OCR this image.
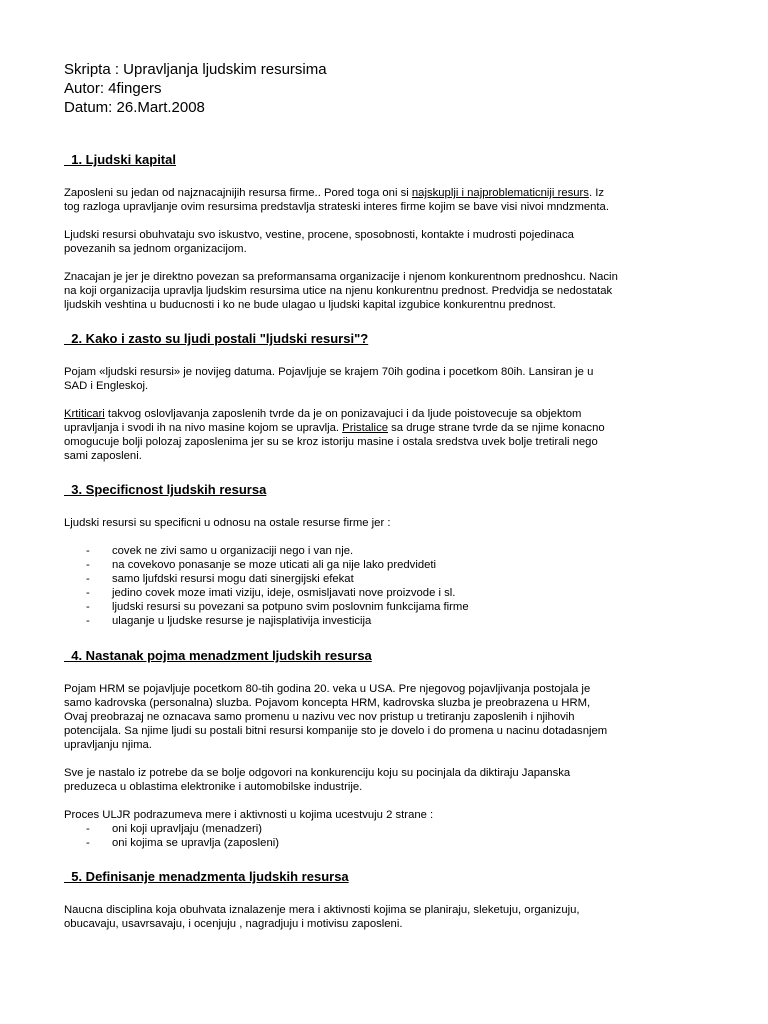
Skripta : Upravljanja ljudskim resursima
Autor: 4fingers
Datum: 26.Mart.2008
1. Ljudski kapital
Zaposleni su jedan od najznacajnijih resursa firme.. Pored toga oni si najskuplji i najproblematicniji resurs. Iz
tog razloga upravljanje ovim resursima predstavlja strateski interes firme kojim se bave visi nivoi mndzmenta.
Ljudski resursi obuhvataju svo iskustvo, vestine, procene, sposobnosti, kontakte i mudrosti pojedinaca
povezanih sa jednom organizacijom.
Znacajan je jer je direktno povezan sa preformansama organizacije i njenom konkurentnom prednoshcu. Nacin
na koji organizacija upravlja ljudskim resursima utice na njenu konkurentnu prednost. Predvidja se nedostatak
ljudskih veshtina u buducnosti i ko ne bude ulagao u ljudski kapital izgubice konkurentnu prednost.
2. Kako i zasto su ljudi postali "ljudski resursi"?
Pojam «ljudski resursi» je novijeg datuma. Pojavljuje se krajem 70ih godina i pocetkom 80ih. Lansiran je u
SAD i Engleskoj.
Krtiticari takvog oslovljavanja zaposlenih tvrde da je on ponizavajuci i da ljude poistovecuje sa objektom
upravljanja i svodi ih na nivo masine kojom se upravlja. Pristalice sa druge strane tvrde da se njime konacno
omogucuje bolji polozaj zaposlenima jer su se kroz istoriju masine i ostala sredstva uvek bolje tretirali nego
sami zaposleni.
3. Specificnost ljudskih resursa
Ljudski resursi su specificni u odnosu na ostale resurse firme jer :
-	covek ne zivi samo u organizaciji nego i van nje.
-	na covekovo ponasanje se moze uticati ali ga nije lako predvideti
-	samo ljufdski resursi mogu dati sinergijski efekat
-	jedino covek moze imati viziju, ideje, osmisljavati nove proizvode i sl.
-	ljudski resursi su povezani sa potpuno svim poslovnim funkcijama firme
-	ulaganje u ljudske resurse je najisplativija investicija
4. Nastanak pojma menadzment ljudskih resursa
Pojam HRM se pojavljuje pocetkom 80-tih godina 20. veka u USA. Pre njegovog pojavljivanja postojala je
samo kadrovska (personalna) sluzba. Pojavom koncepta HRM, kadrovska sluzba je preobrazena u HRM,
Ovaj preobrazaj ne oznacava samo promenu u nazivu vec nov pristup u tretiranju zaposlenih i njihovih
potencijala. Sa njime ljudi su postali bitni resursi kompanije sto je dovelo i do promena u nacinu dotadasnjem
upravljanju njima.
Sve je nastalo iz potrebe da se bolje odgovori na konkurenciju koju su pocinjala da diktiraju Japanska
preduzeca u oblastima elektronike i automobilske industrije.
Proces ULJR podrazumeva mere i aktivnosti u kojima ucestvuju 2 strane :
-	oni koji upravljaju (menadzeri)
-	oni kojima se upravlja (zaposleni)
5. Definisanje menadzmenta ljudskih resursa
Naucna disciplina koja obuhvata iznalazenje mera i aktivnosti kojima se planiraju, sleketuju, organizuju,
obucavaju, usavrsavaju, i ocenjuju , nagradjuju i motivisu zaposleni.
